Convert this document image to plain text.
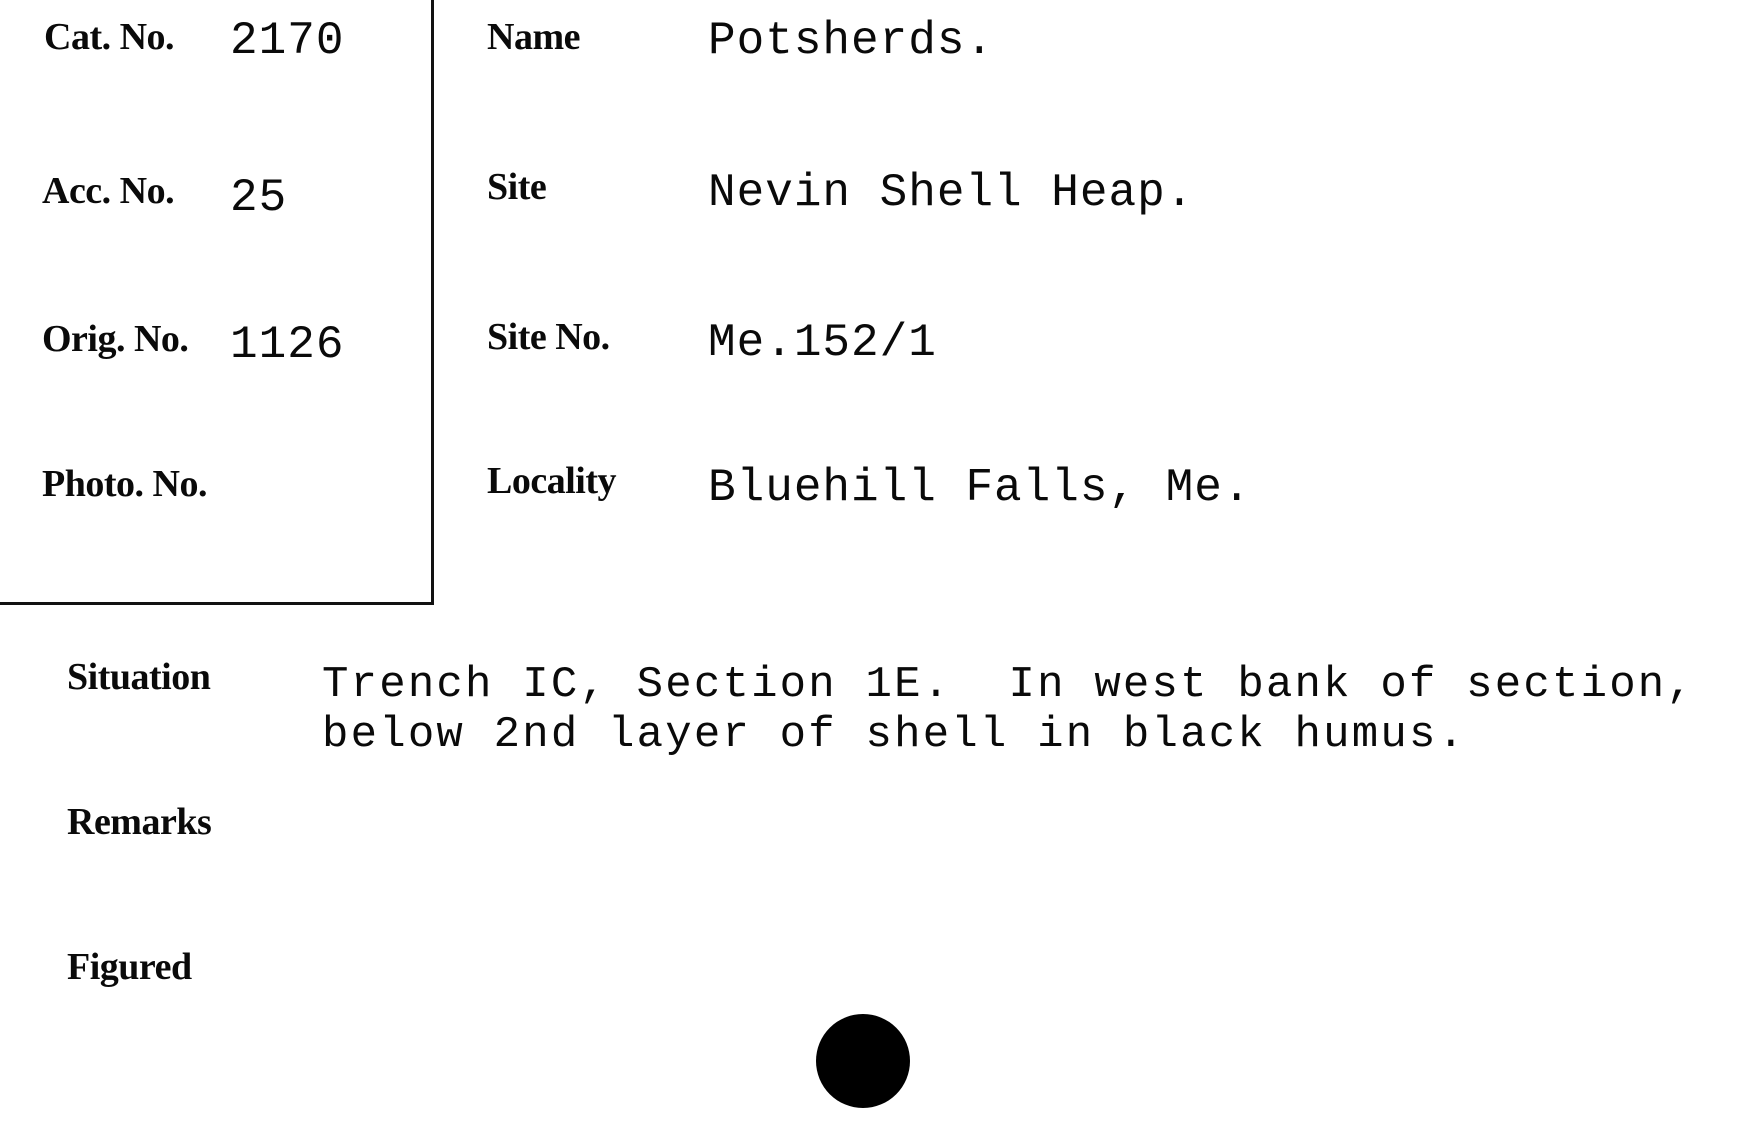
Cat. No. 2170
Acc. No. 25
Orig. No. 1126
Photo. No.
Name	Potsherds.
Site	Nevin Shell Heap.
Site No. Me.152/1
Locality Bluehill Falls, Me.
Situation	Trench IC, Section 1E.  In west bank of section,
below 2nd layer of shell in black humus.
Remarks
Figured
